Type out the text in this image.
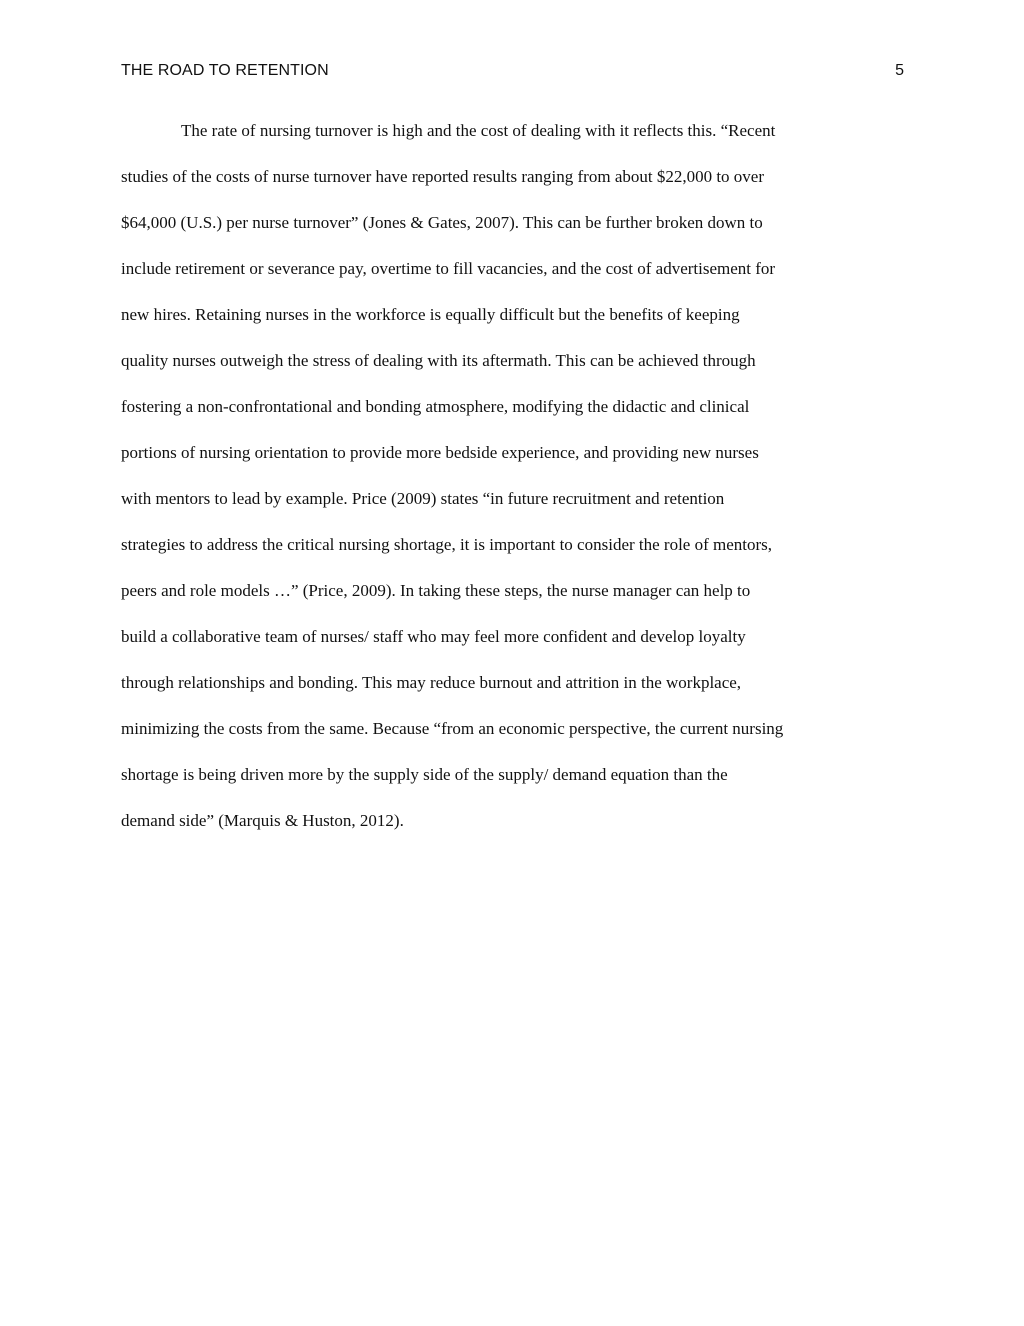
THE ROAD TO RETENTION	5
The rate of nursing turnover is high and the cost of dealing with it reflects this. “Recent
studies of the costs of nurse turnover have reported results ranging from about $22,000 to over
$64,000 (U.S.) per nurse turnover” (Jones & Gates, 2007). This can be further broken down to
include retirement or severance pay, overtime to fill vacancies, and the cost of advertisement for
new hires. Retaining nurses in the workforce is equally difficult but the benefits of keeping
quality nurses outweigh the stress of dealing with its aftermath. This can be achieved through
fostering a non-confrontational and bonding atmosphere, modifying the didactic and clinical
portions of nursing orientation to provide more bedside experience, and providing new nurses
with mentors to lead by example. Price (2009) states “in future recruitment and retention
strategies to address the critical nursing shortage, it is important to consider the role of mentors,
peers and role models …” (Price, 2009). In taking these steps, the nurse manager can help to
build a collaborative team of nurses/ staff who may feel more confident and develop loyalty
through relationships and bonding. This may reduce burnout and attrition in the workplace,
minimizing the costs from the same. Because “from an economic perspective, the current nursing
shortage is being driven more by the supply side of the supply/ demand equation than the
demand side” (Marquis & Huston, 2012).
